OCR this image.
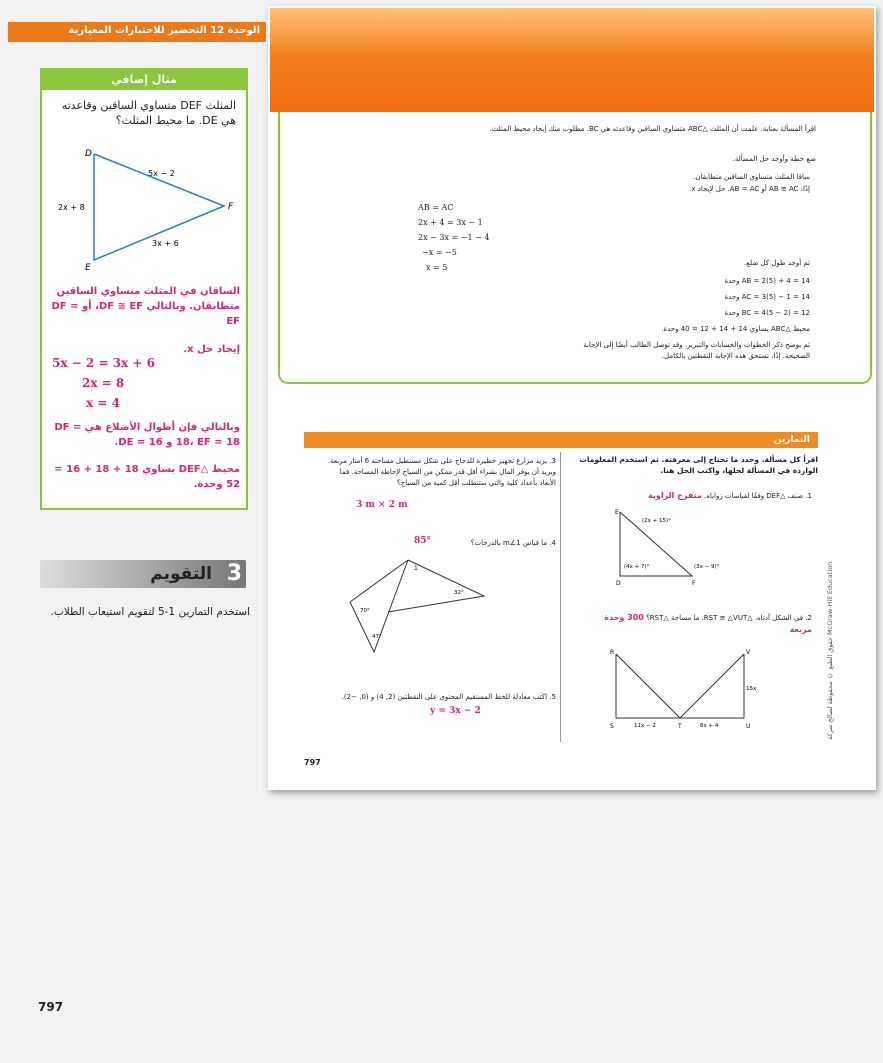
الوحدة 12 التحضير للاختبارات المعيارية
مثال إضافي
المثلث DEF متساوي الساقين وقاعدته هي DE. ما محيط المثلث؟
D
E
F
5x − 2
2x + 8
3x + 6
الساقان في المثلث متساوي الساقين متطابقان. وبالتالي DF ≅ EF، أو DF = EF
إيجاد حل x.
5x − 2 = 3x + 6
2x = 8
x = 4
وبالتالي فإن أطوال الأضلاع هي DF = 18، EF = 18 و DE = 16.
محيط △DEF يساوي 18 + 18 + 16 = 52 وحدة.
3
التقويم
استخدم التمارين 1-5 لتقويم استيعاب الطلاب.
797
اقرأ المسألة بعناية. علمت أن المثلث △ABC متساوي الساقين وقاعدته هي BC. مطلوب منك إيجاد محيط المثلث.
ضع خطة وأوجد حل المسألة.
ساقا المثلث متساوي الساقين متطابقان.
إذًا، AB ≅ AC أو AB = AC. حل لإيجاد x.
AB = AC
2x + 4 = 3x − 1
2x − 3x = −1 − 4
−x = −5
x = 5	ثم أوجد طول كل ضلع.
AB = 2(5) + 4 = 14 وحدة
AC = 3(5) − 1 = 14 وحدة
BC = 4(5 − 2) = 12 وحدة
محيط △ABC يساوي 14 + 14 + 12 = 40 وحدة.
ثم يوضح ذكر الخطوات والحسابات والتبرير. وقد توصل الطالب أيضًا إلى الإجابة الصحيحة. إذًا، تستحق هذه الإجابة النقطتين بالكامل.
التمارين
اقرأ كل مسألة. وحدد ما تحتاج إلى معرفته. ثم استخدم المعلومات الواردة في المسألة لحلها، واكتب الحل هنا.
1. صنف △DEF وفقًا لقياسات زواياه. منفرج الزاوية
E
D	F
(2x + 15)°
(4x + 7)°	(3x − 9)°
2. في الشكل أدناه، △RST ≅ △VUT. ما مساحة △RST؟ 300 وحدة مربعة
R
S	T	U
V
11x − 2	8x + 4
15x
3. يريد مزارع تجهيز حظيرة للدجاج على شكل مستطيل مساحته 6 أمتار مربعة. ويريد أن يوفر المال بشراء أقل قدر ممكن من السياج لإحاطة المساحة. فما الأبعاد بأعداد كلية والتي ستتطلب أقل كمية من السياج؟
3 m × 2 m
4. ما قياس m∠1 بالدرجات؟
85°
1
70°
47°
32°
5. اكتب معادلة للخط المستقيم المحتوي على النقطتين (2, 4) و (0, −2).
y = 3x − 2	حقوق الطبع © محفوظة لصالح شركة McGraw-Hill Education
797
